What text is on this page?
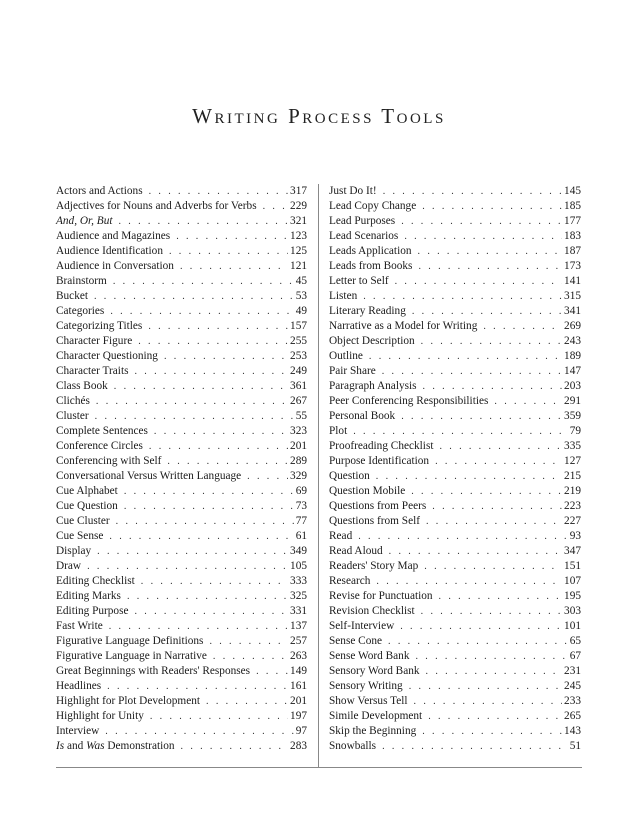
Writing Process Tools
Actors and Actions . . .	317
Adjectives for Nouns and Adverbs for Verbs . . .	229
And, Or, But . . .	321
Audience and Magazines . . .	123
Audience Identification . . .	125
Audience in Conversation . . .	121
Brainstorm . . .	45
Bucket . . .	53
Categories . . .	49
Categorizing Titles . . .	157
Character Figure . . .	255
Character Questioning . . .	253
Character Traits . . .	249
Class Book . . .	361
Clichés . . .	267
Cluster . . .	55
Complete Sentences . . .	323
Conference Circles . . .	201
Conferencing with Self . . .	289
Conversational Versus Written Language . . .	329
Cue Alphabet . . .	69
Cue Question . . .	73
Cue Cluster . . .	77
Cue Sense . . .	61
Display . . .	349
Draw . . .	105
Editing Checklist . . .	333
Editing Marks . . .	325
Editing Purpose . . .	331
Fast Write . . .	137
Figurative Language Definitions . . .	257
Figurative Language in Narrative . . .	263
Great Beginnings with Readers' Responses . . .	149
Headlines . . .	161
Highlight for Plot Development . . .	201
Highlight for Unity . . .	197
Interview . . .	97
Is and Was Demonstration . . .	283
Just Do It! . . .	145
Lead Copy Change . . .	185
Lead Purposes . . .	177
Lead Scenarios . . .	183
Leads Application . . .	187
Leads from Books . . .	173
Letter to Self . . .	141
Listen . . .	315
Literary Reading . . .	341
Narrative as a Model for Writing . . .	269
Object Description . . .	243
Outline . . .	189
Pair Share . . .	147
Paragraph Analysis . . .	203
Peer Conferencing Responsibilities . . .	291
Personal Book . . .	359
Plot . . .	79
Proofreading Checklist . . .	335
Purpose Identification . . .	127
Question . . .	215
Question Mobile . . .	219
Questions from Peers . . .	223
Questions from Self . . .	227
Read . . .	93
Read Aloud . . .	347
Readers' Story Map . . .	151
Research . . .	107
Revise for Punctuation . . .	195
Revision Checklist . . .	303
Self-Interview . . .	101
Sense Cone . . .	65
Sense Word Bank . . .	67
Sensory Word Bank . . .	231
Sensory Writing . . .	245
Show Versus Tell . . .	233
Simile Development . . .	265
Skip the Beginning . . .	143
Snowballs . . .	51
